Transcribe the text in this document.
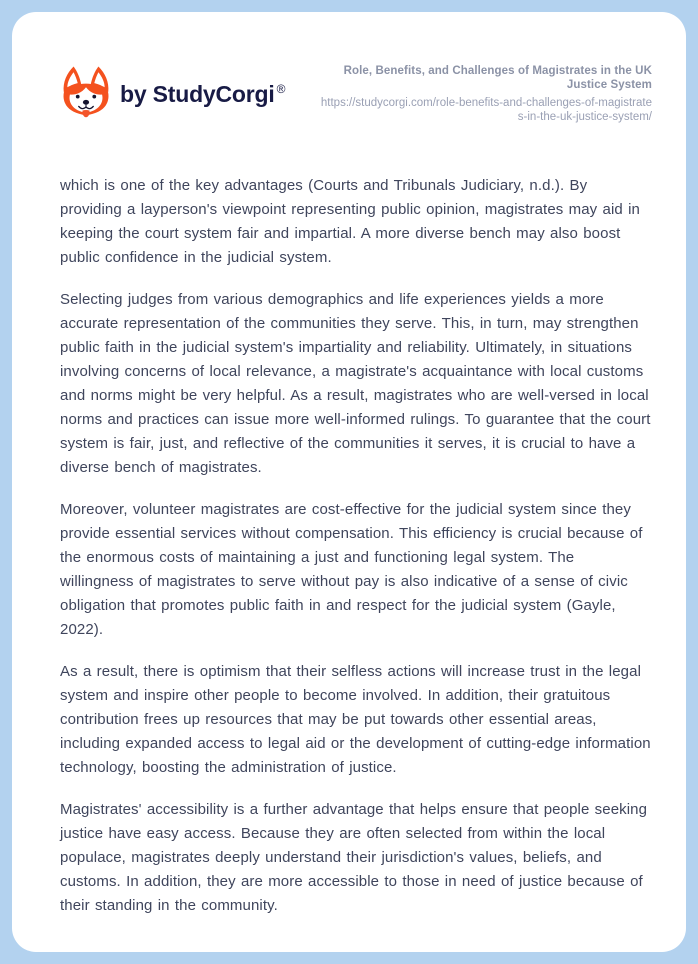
by StudyCorgi ®
Role, Benefits, and Challenges of Magistrates in the UK Justice System
https://studycorgi.com/role-benefits-and-challenges-of-magistrates-in-the-uk-justice-system/

which is one of the key advantages (Courts and Tribunals Judiciary, n.d.). By providing a layperson's viewpoint representing public opinion, magistrates may aid in keeping the court system fair and impartial. A more diverse bench may also boost public confidence in the judicial system.

Selecting judges from various demographics and life experiences yields a more accurate representation of the communities they serve. This, in turn, may strengthen public faith in the judicial system's impartiality and reliability. Ultimately, in situations involving concerns of local relevance, a magistrate's acquaintance with local customs and norms might be very helpful. As a result, magistrates who are well-versed in local norms and practices can issue more well-informed rulings. To guarantee that the court system is fair, just, and reflective of the communities it serves, it is crucial to have a diverse bench of magistrates.

Moreover, volunteer magistrates are cost-effective for the judicial system since they provide essential services without compensation. This efficiency is crucial because of the enormous costs of maintaining a just and functioning legal system. The willingness of magistrates to serve without pay is also indicative of a sense of civic obligation that promotes public faith in and respect for the judicial system (Gayle, 2022).

As a result, there is optimism that their selfless actions will increase trust in the legal system and inspire other people to become involved. In addition, their gratuitous contribution frees up resources that may be put towards other essential areas, including expanded access to legal aid or the development of cutting-edge information technology, boosting the administration of justice.

Magistrates' accessibility is a further advantage that helps ensure that people seeking justice have easy access. Because they are often selected from within the local populace, magistrates deeply understand their jurisdiction's values, beliefs, and customs. In addition, they are more accessible to those in need of justice because of their standing in the community.
